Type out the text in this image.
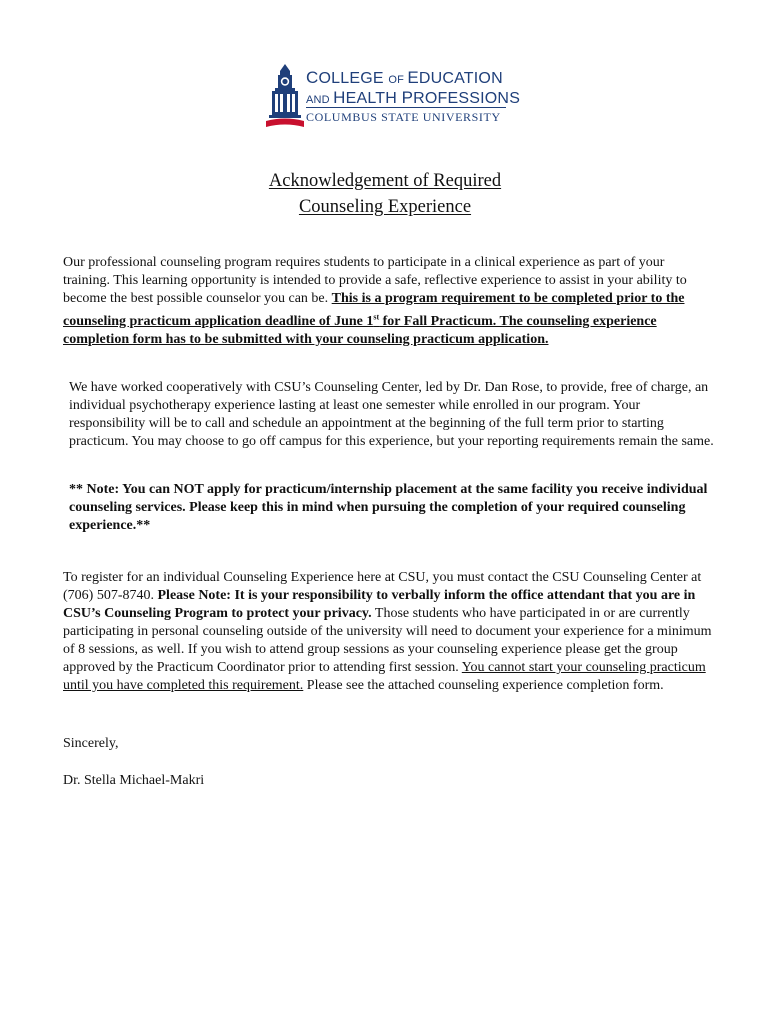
COLLEGE OF EDUCATION
AND HEALTH PROFESSIONS
COLUMBUS STATE UNIVERSITY
Acknowledgement of Required
Counseling Experience

Our professional counseling program requires students to participate in a clinical experience as part of your training. This learning opportunity is intended to provide a safe, reflective experience to assist in your ability to become the best possible counselor you can be. This is a program requirement to be completed prior to the counseling practicum application deadline of June 1st for Fall Practicum. The counseling experience completion form has to be submitted with your counseling practicum application.

We have worked cooperatively with CSU’s Counseling Center, led by Dr. Dan Rose, to provide, free of charge, an individual psychotherapy experience lasting at least one semester while enrolled in our program. Your responsibility will be to call and schedule an appointment at the beginning of the full term prior to starting practicum. You may choose to go off campus for this experience, but your reporting requirements remain the same.

** Note: You can NOT apply for practicum/internship placement at the same facility you receive individual counseling services. Please keep this in mind when pursuing the completion of your required counseling experience.**

To register for an individual Counseling Experience here at CSU, you must contact the CSU Counseling Center at (706) 507-8740. Please Note: It is your responsibility to verbally inform the office attendant that you are in CSU’s Counseling Program to protect your privacy. Those students who have participated in or are currently participating in personal counseling outside of the university will need to document your experience for a minimum of 8 sessions, as well. If you wish to attend group sessions as your counseling experience please get the group approved by the Practicum Coordinator prior to attending first session. You cannot start your counseling practicum until you have completed this requirement. Please see the attached counseling experience completion form.

Sincerely,

Dr. Stella Michael-Makri
